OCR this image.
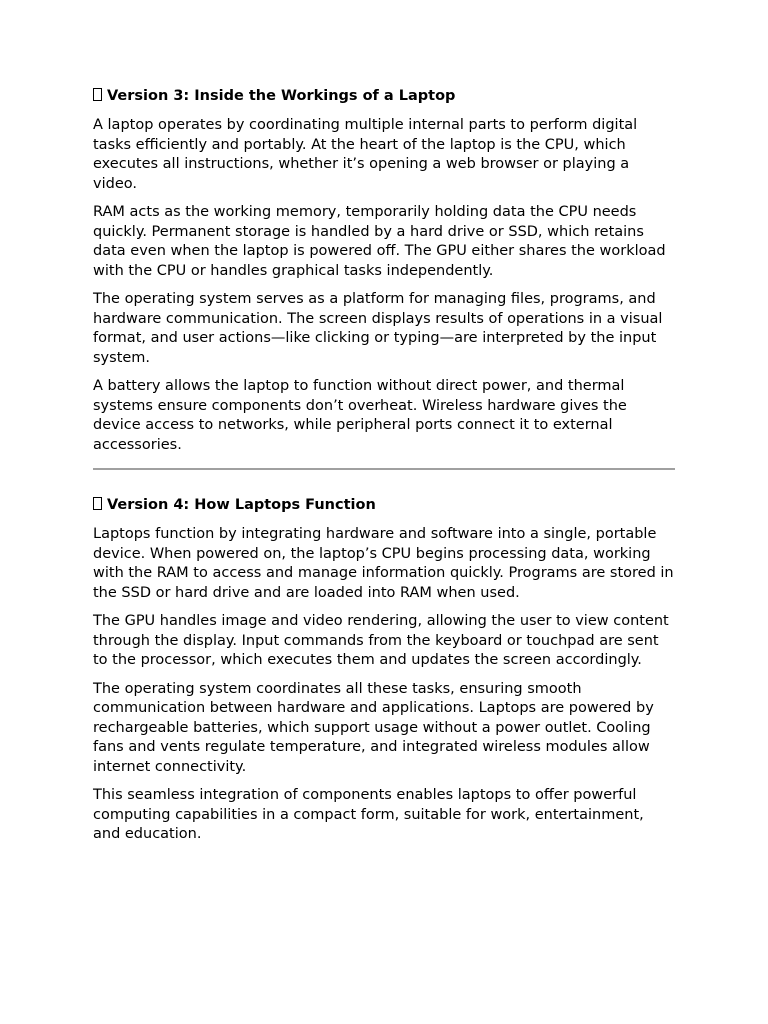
Version 3: Inside the Workings of a Laptop

A laptop operates by coordinating multiple internal parts to perform digital tasks efficiently and portably. At the heart of the laptop is the CPU, which executes all instructions, whether it’s opening a web browser or playing a video.

RAM acts as the working memory, temporarily holding data the CPU needs quickly. Permanent storage is handled by a hard drive or SSD, which retains data even when the laptop is powered off. The GPU either shares the workload with the CPU or handles graphical tasks independently.

The operating system serves as a platform for managing files, programs, and hardware communication. The screen displays results of operations in a visual format, and user actions—like clicking or typing—are interpreted by the input system.

A battery allows the laptop to function without direct power, and thermal systems ensure components don’t overheat. Wireless hardware gives the device access to networks, while peripheral ports connect it to external accessories.

Version 4: How Laptops Function

Laptops function by integrating hardware and software into a single, portable device. When powered on, the laptop’s CPU begins processing data, working with the RAM to access and manage information quickly. Programs are stored in the SSD or hard drive and are loaded into RAM when used.

The GPU handles image and video rendering, allowing the user to view content through the display. Input commands from the keyboard or touchpad are sent to the processor, which executes them and updates the screen accordingly.

The operating system coordinates all these tasks, ensuring smooth communication between hardware and applications. Laptops are powered by rechargeable batteries, which support usage without a power outlet. Cooling fans and vents regulate temperature, and integrated wireless modules allow internet connectivity.

This seamless integration of components enables laptops to offer powerful computing capabilities in a compact form, suitable for work, entertainment, and education.
